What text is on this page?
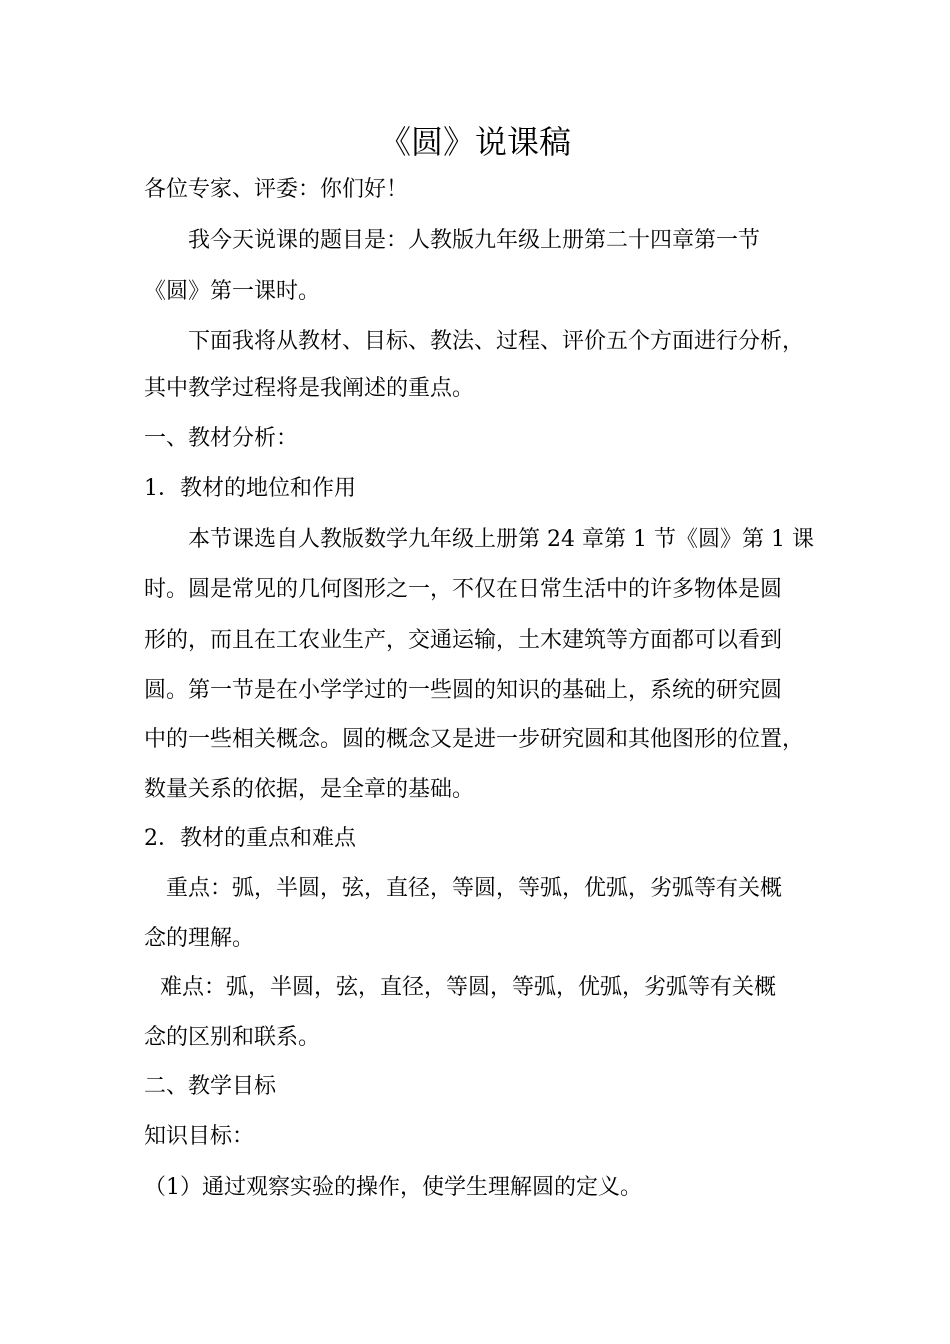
《圆》说课稿
各位专家、评委：你们好！
我今天说课的题目是：人教版九年级上册第二十四章第一节
《圆》第一课时。
下面我将从教材、目标、教法、过程、评价五个方面进行分析，
其中教学过程将是我阐述的重点。
一、教材分析：
1．教材的地位和作用
本节课选自人教版数学九年级上册第 24 章第 1 节《圆》第 1 课
时。圆是常见的几何图形之一，不仅在日常生活中的许多物体是圆
形的，而且在工农业生产，交通运输，土木建筑等方面都可以看到
圆。第一节是在小学学过的一些圆的知识的基础上，系统的研究圆
中的一些相关概念。圆的概念又是进一步研究圆和其他图形的位置，
数量关系的依据，是全章的基础。
2．教材的重点和难点
重点：弧，半圆，弦，直径，等圆，等弧，优弧，劣弧等有关概
念的理解。
难点：弧，半圆，弦，直径，等圆，等弧，优弧，劣弧等有关概
念的区别和联系。
二、教学目标
知识目标：
（1）通过观察实验的操作，使学生理解圆的定义。
